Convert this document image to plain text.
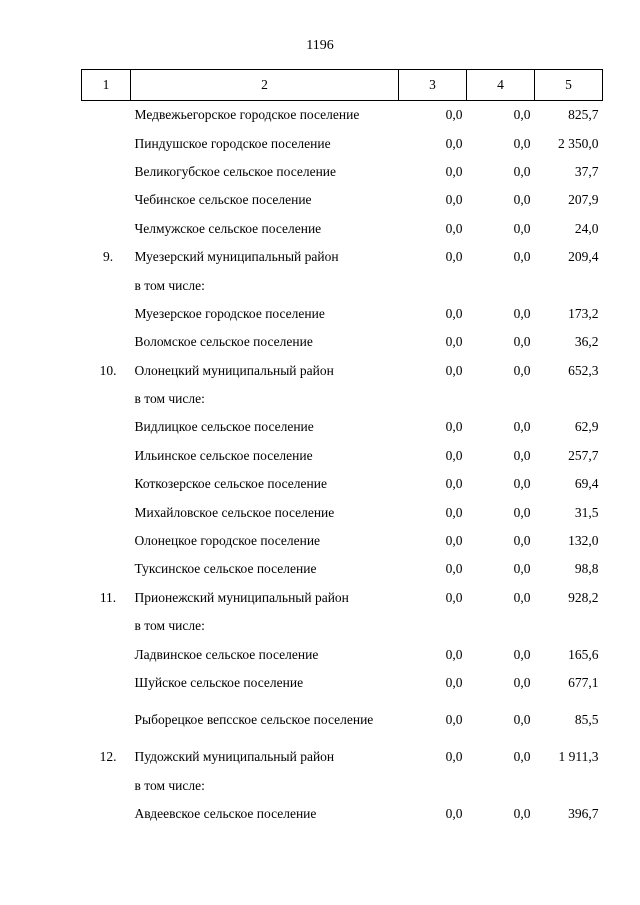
1196
1	2	3	4	5
	Медвежьегорское городское поселение	0,0	0,0	825,7
	Пиндушское городское поселение	0,0	0,0	2 350,0
	Великогубское сельское поселение	0,0	0,0	37,7
	Чебинское сельское поселение	0,0	0,0	207,9
	Челмужское сельское поселение	0,0	0,0	24,0
9.	Муезерский муниципальный район	0,0	0,0	209,4
	в том числе:			
	Муезерское городское поселение	0,0	0,0	173,2
	Воломское сельское поселение	0,0	0,0	36,2
10.	Олонецкий муниципальный район	0,0	0,0	652,3
	в том числе:			
	Видлицкое сельское поселение	0,0	0,0	62,9
	Ильинское сельское поселение	0,0	0,0	257,7
	Коткозерское сельское поселение	0,0	0,0	69,4
	Михайловское сельское поселение	0,0	0,0	31,5
	Олонецкое городское поселение	0,0	0,0	132,0
	Туксинское сельское поселение	0,0	0,0	98,8
11.	Прионежский муниципальный район	0,0	0,0	928,2
	в том числе:			
	Ладвинское сельское поселение	0,0	0,0	165,6
	Шуйское сельское поселение	0,0	0,0	677,1
	Рыборецкое вепсское сельское поселение	0,0	0,0	85,5
12.	Пудожский муниципальный район	0,0	0,0	1 911,3
	в том числе:			
	Авдеевское сельское поселение	0,0	0,0	396,7
